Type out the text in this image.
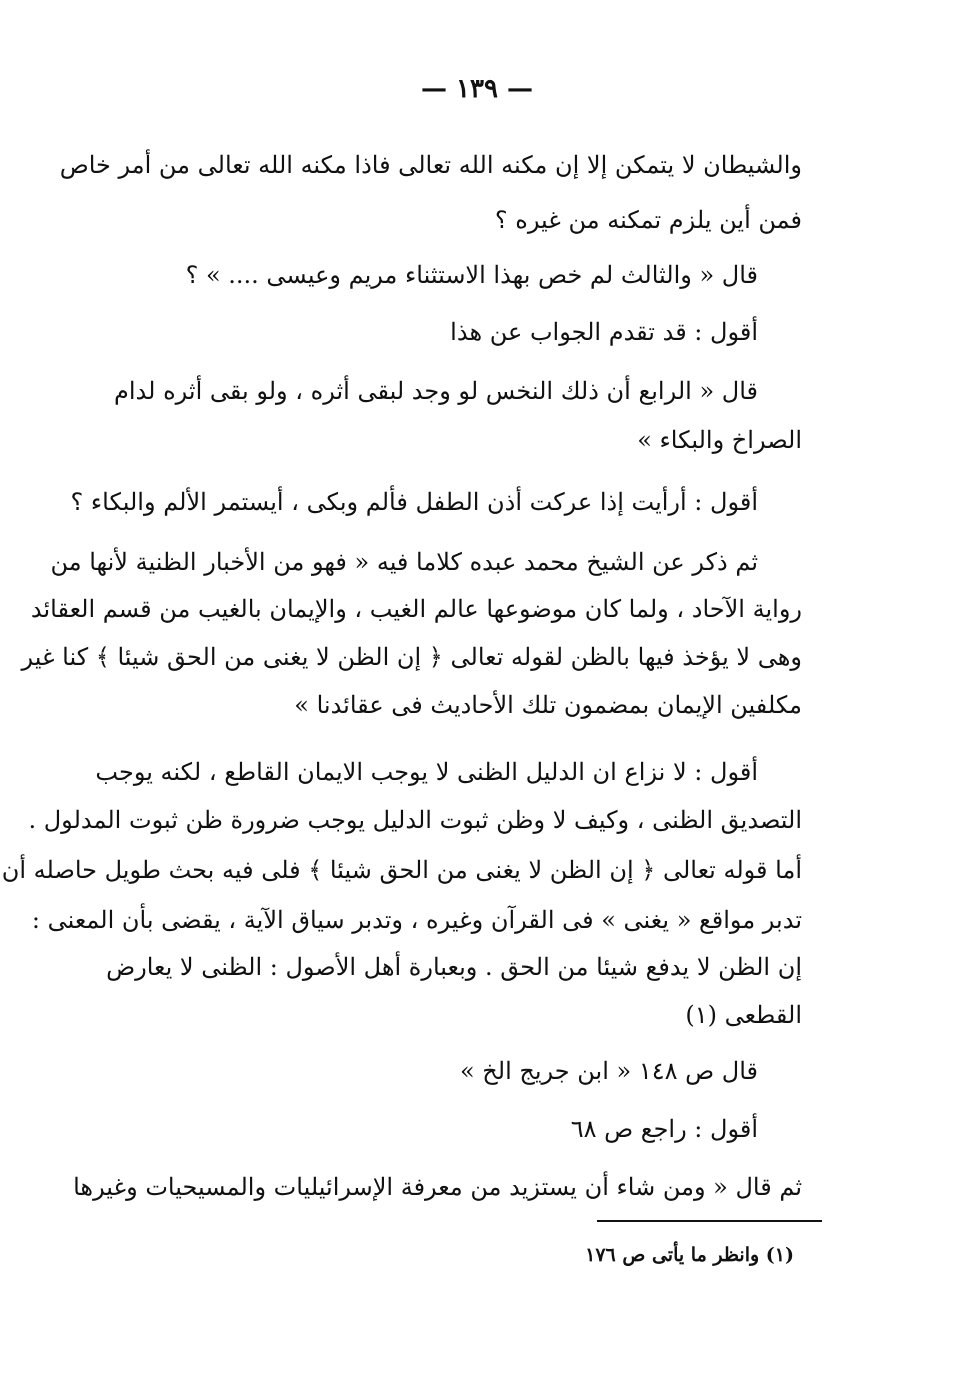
— ١٣٩ —
والشيطان لا يتمكن إلا إن مكنه الله تعالى فاذا مكنه الله تعالى من أمر خاص
فمن أين يلزم تمكنه من غيره ؟
قال « والثالث لم خص بهذا الاستثناء مريم وعيسى .... » ؟
أقول : قد تقدم الجواب عن هذا
قال « الرابع أن ذلك النخس لو وجد لبقى أثره ، ولو بقى أثره لدام
الصراخ والبكاء »
أقول : أرأيت إذا عركت أذن الطفل فألم وبكى ، أيستمر الألم والبكاء ؟
ثم ذكر عن الشيخ محمد عبده كلاما فيه « فهو من الأخبار الظنية لأنها من
رواية الآحاد ، ولما كان موضوعها عالم الغيب ، والإيمان بالغيب من قسم العقائد
وهى لا يؤخذ فيها بالظن لقوله تعالى ﴿ إن الظن لا يغنى من الحق شيئا ﴾ كنا غير
مكلفين الإيمان بمضمون تلك الأحاديث فى عقائدنا »
أقول : لا نزاع ان الدليل الظنى لا يوجب الايمان القاطع ، لكنه يوجب
التصديق الظنى ، وكيف لا وظن ثبوت الدليل يوجب ضرورة ظن ثبوت المدلول .
أما قوله تعالى ﴿ إن الظن لا يغنى من الحق شيئا ﴾ فلى فيه بحث طويل حاصله أن
تدبر مواقع « يغنى » فى القرآن وغيره ، وتدبر سياق الآية ، يقضى بأن المعنى :
إن الظن لا يدفع شيئا من الحق . وبعبارة أهل الأصول : الظنى لا يعارض
القطعى (١)
قال ص ١٤٨ « ابن جريج الخ »
أقول : راجع ص ٦٨
ثم قال « ومن شاء أن يستزيد من معرفة الإسرائيليات والمسيحيات وغيرها
(١) وانظر ما يأتى ص ١٧٦
